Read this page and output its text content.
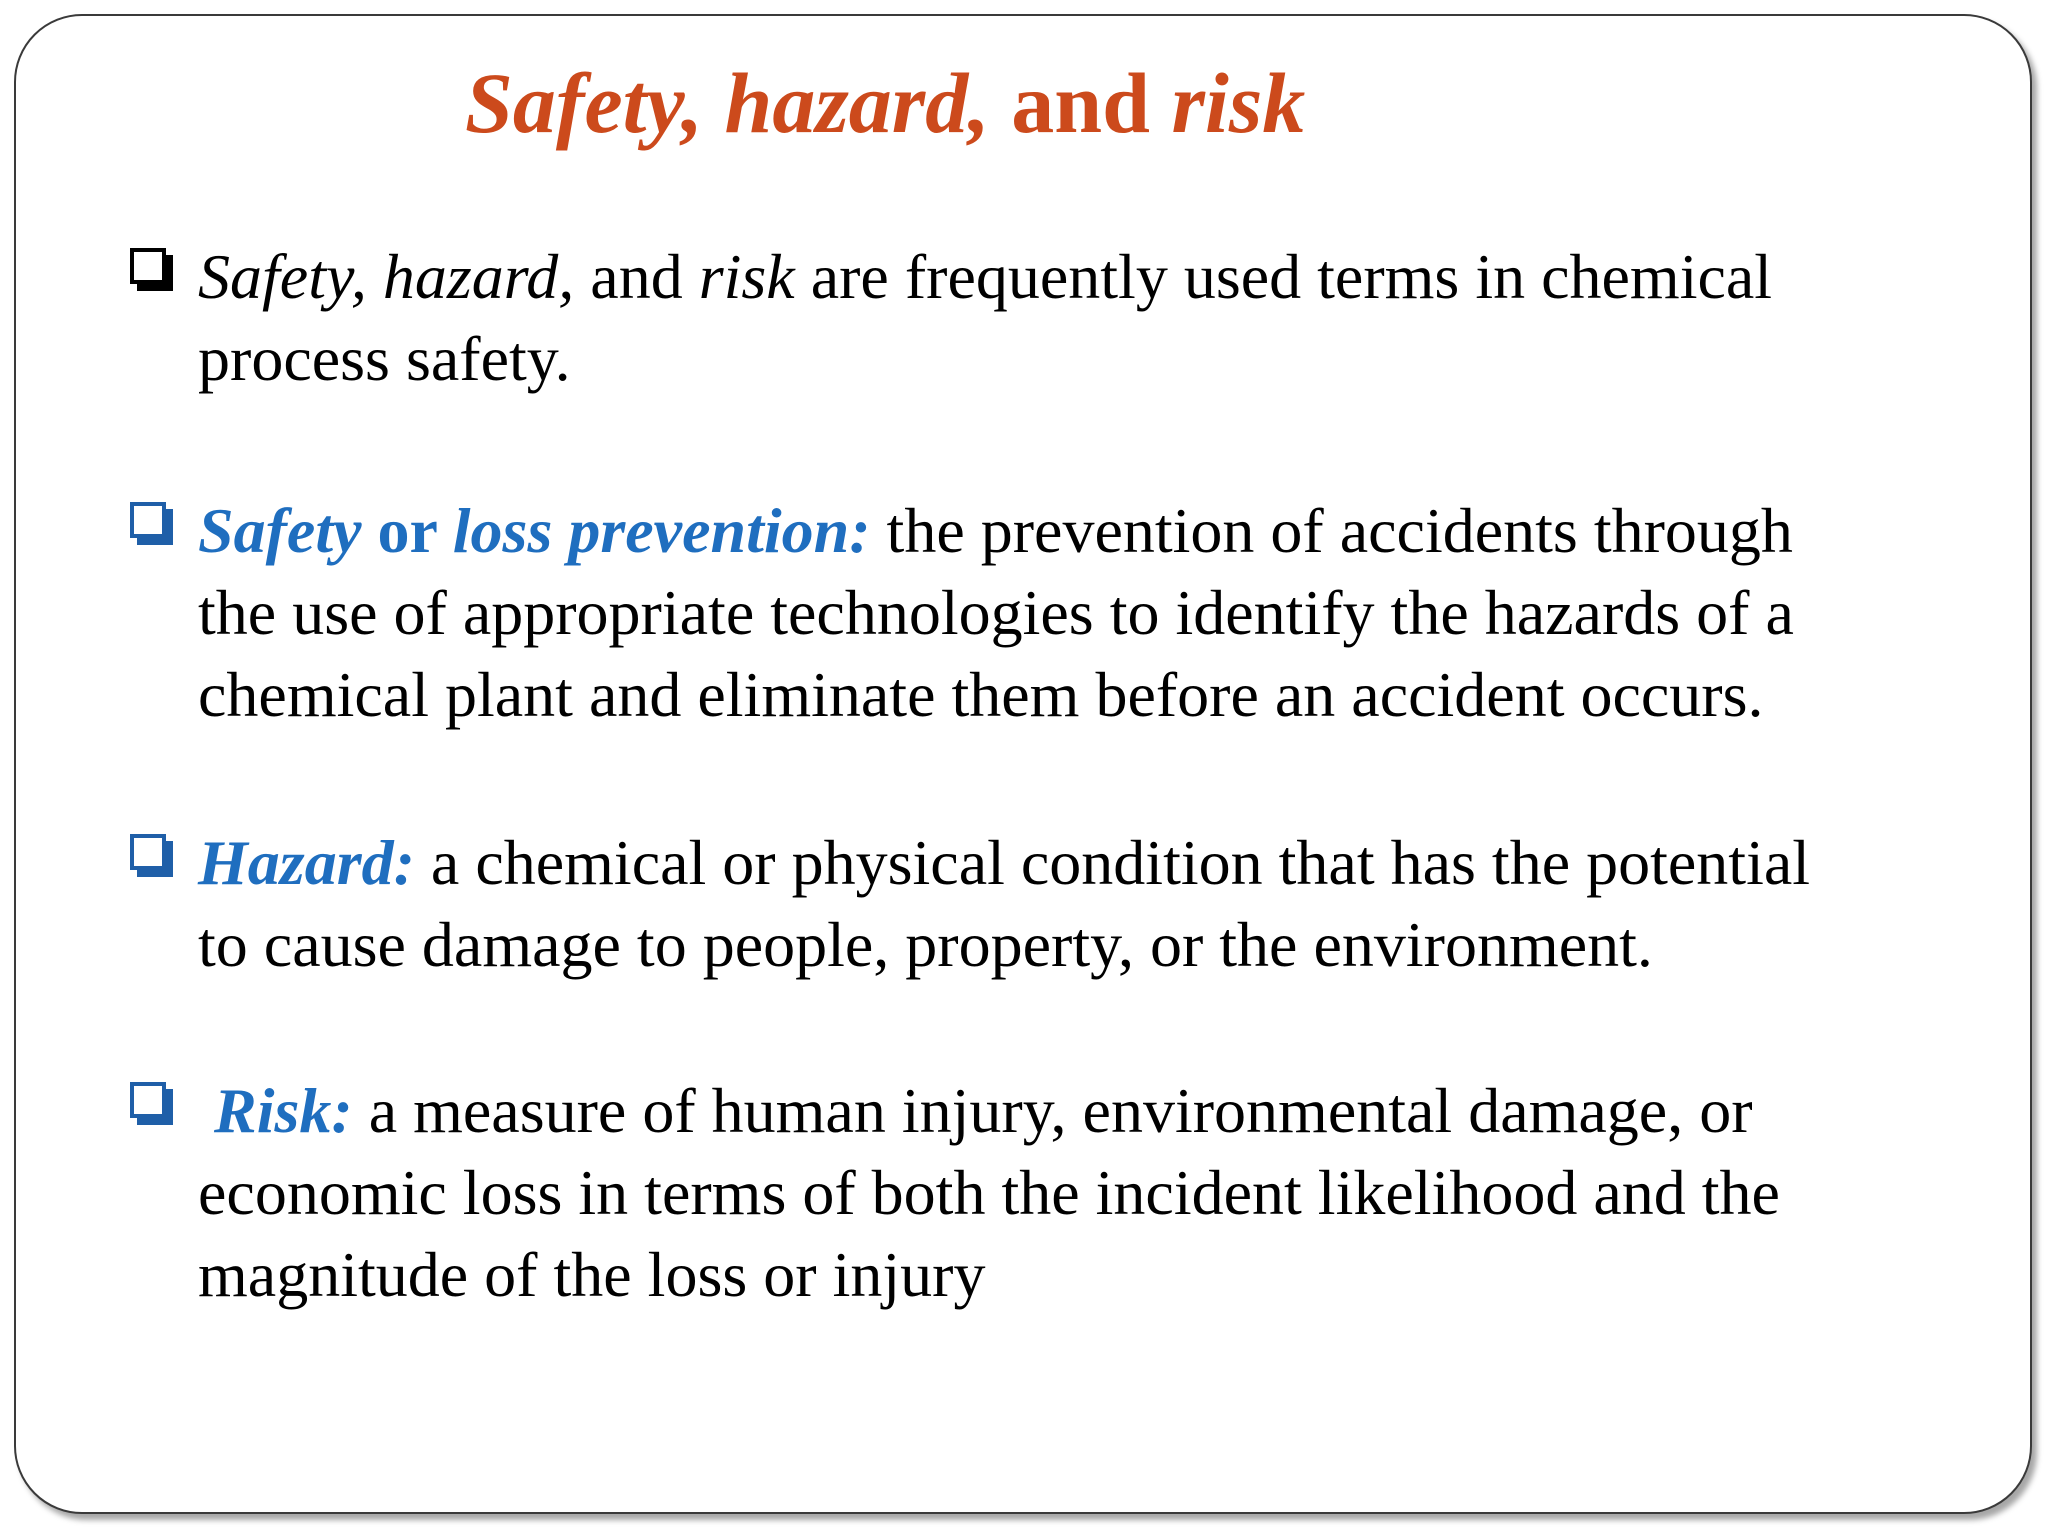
Safety, hazard, and risk
Safety, hazard, and risk are frequently used terms in chemical
process safety.
Safety or loss prevention: the prevention of accidents through
the use of appropriate technologies to identify the hazards of a
chemical plant and eliminate them before an accident occurs.
Hazard: a chemical or physical condition that has the potential
to cause damage to people, property, or the environment.
Risk: a measure of human injury, environmental damage, or
economic loss in terms of both the incident likelihood and the
magnitude of the loss or injury
